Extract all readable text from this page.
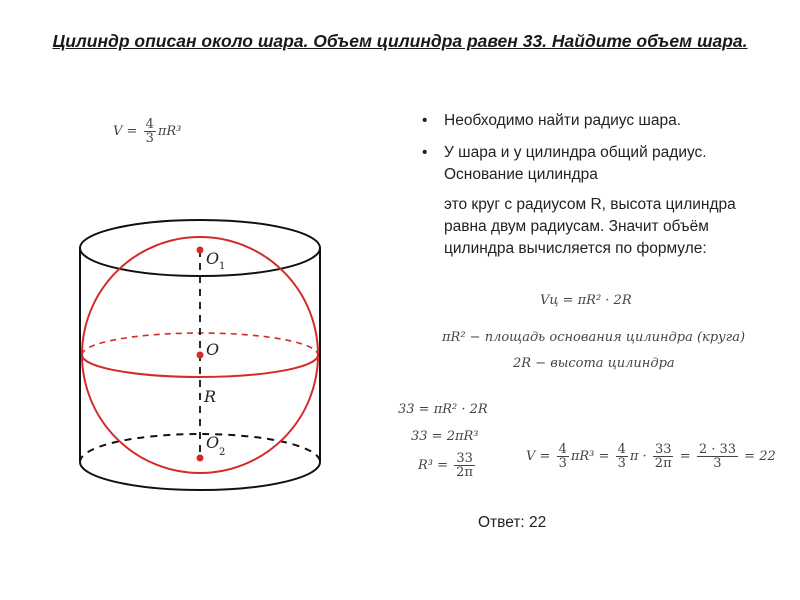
Цилиндр описан около шара. Объем цилиндра равен 33. Найдите объем шара.
$V = \frac{4}{3} \pi R^3$
O 1
O
R
O
2
• Необходимо найти радиус шара.
• У шара и у цилиндра общий радиус. Основание цилиндра
это круг с радиусом R, высота цилиндра равна двум радиусам. Значит объём цилиндра вычисляется по формуле:
Vц = πR² · 2R
πR² − площадь основания цилиндра (круга)
2R − высота цилиндра
33 = πR² · 2R
33 = 2πR³
$R^3 = \frac{33}{2\pi}$	$V = \frac{4}{3} \pi R^3 = \frac{4}{3}$ $\pi \cdot \frac{33}{2\pi} = \frac{2 \cdot 33}{3} = 22$
Ответ: 22
